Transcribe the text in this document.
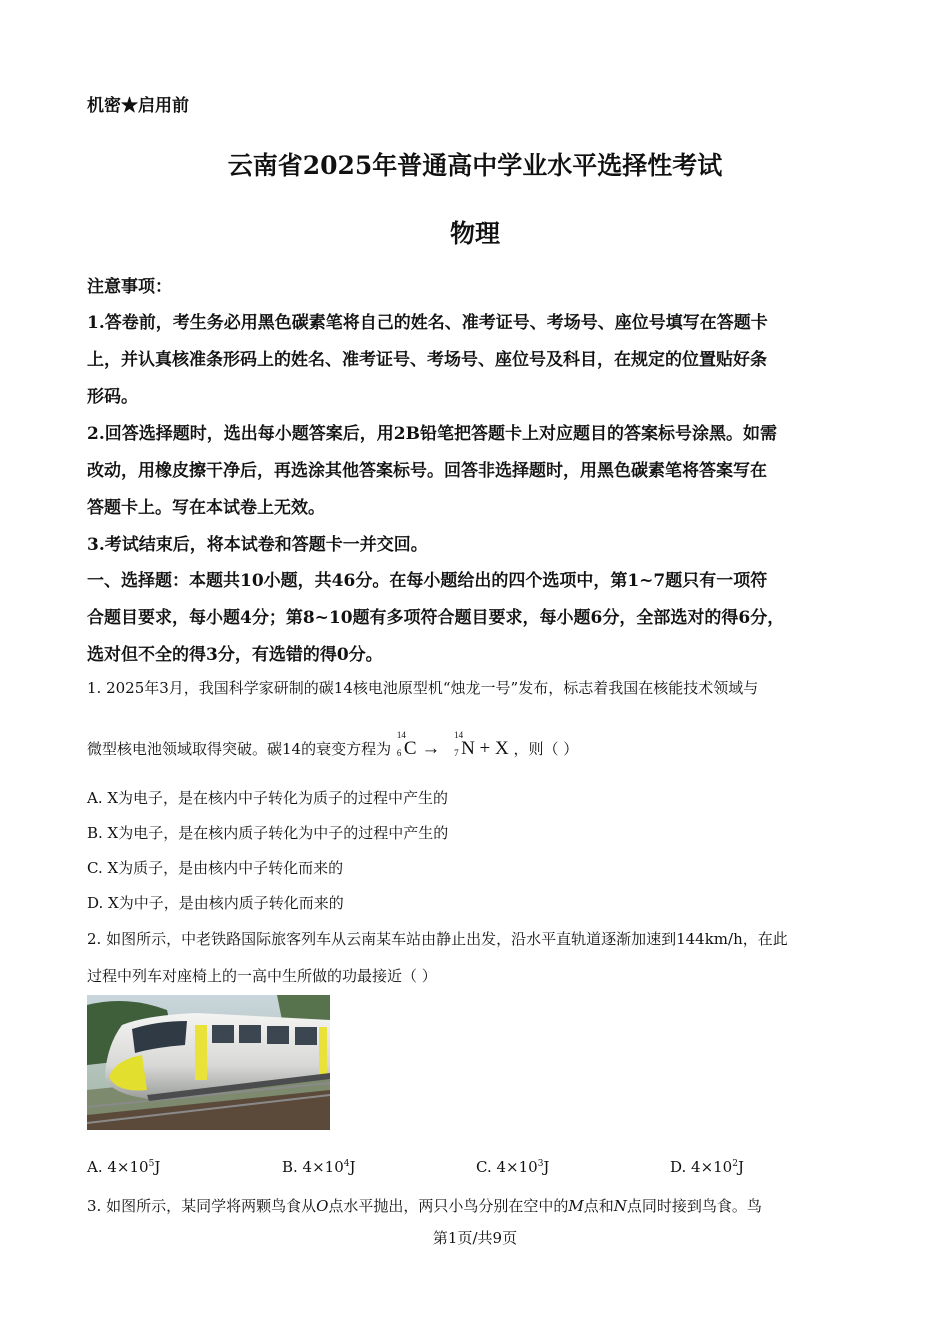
机密★启用前
云南省2025年普通高中学业水平选择性考试
物理
注意事项：
1.答卷前，考生务必用黑色碳素笔将自己的姓名、准考证号、考场号、座位号填写在答题卡
上，并认真核准条形码上的姓名、准考证号、考场号、座位号及科目，在规定的位置贴好条
形码。
2.回答选择题时，选出每小题答案后，用2B铅笔把答题卡上对应题目的答案标号涂黑。如需
改动，用橡皮擦干净后，再选涂其他答案标号。回答非选择题时，用黑色碳素笔将答案写在
答题卡上。写在本试卷上无效。
3.考试结束后，将本试卷和答题卡一并交回。
一、选择题：本题共10小题，共46分。在每小题给出的四个选项中，第1~7题只有一项符
合题目要求，每小题4分；第8~10题有多项符合题目要求，每小题6分，全部选对的得6分，
选对但不全的得3分，有选错的得0分。
1. 2025年3月，我国科学家研制的碳14核电池原型机“烛龙一号”发布，标志着我国在核能技术领域与
微型核电池领域取得突破。碳14的衰变方程为
14
6 C →
14
7 N + X ，则（ ）
A. X为电子，是在核内中子转化为质子的过程中产生的
B. X为电子，是在核内质子转化为中子的过程中产生的
C. X为质子，是由核内中子转化而来的
D. X为中子，是由核内质子转化而来的
2. 如图所示，中老铁路国际旅客列车从云南某车站由静止出发，沿水平直轨道逐渐加速到144km/h，在此
过程中列车对座椅上的一高中生所做的功最接近（ ）
A. $4\times 10^5J$	B. $4\times 10^4J$	C. $4\times 10^3J$	D. $4\times 10^2J$
3. 如图所示，某同学将两颗鸟食从O点水平抛出，两只小鸟分别在空中的M点和N点同时接到鸟食。鸟
第1页/共9页
